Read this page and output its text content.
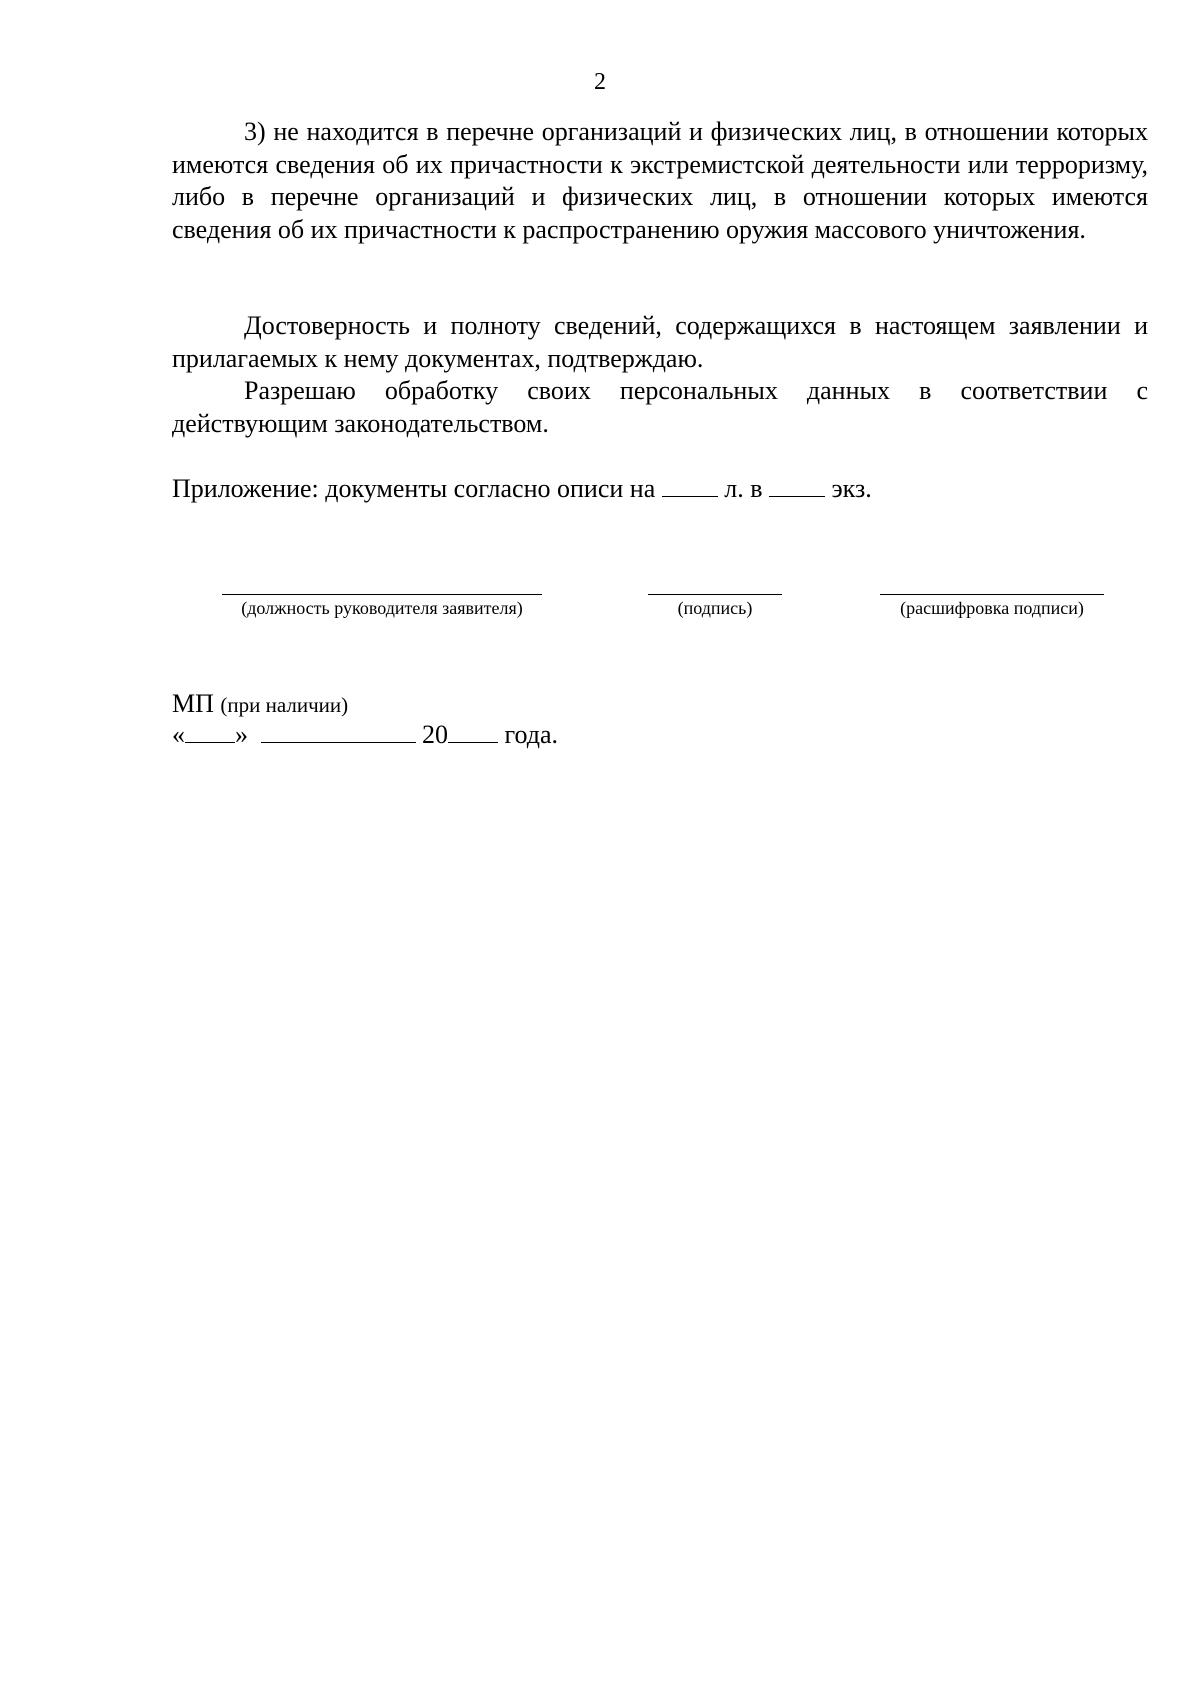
2

3) не находится в перечне организаций и физических лиц, в отношении которых имеются сведения об их причастности к экстремистской деятельности или терроризму, либо в перечне организаций и физических лиц, в отношении которых имеются сведения об их причастности к распространению оружия массового уничтожения.

Достоверность и полноту сведений, содержащихся в настоящем заявлении и прилагаемых к нему документах, подтверждаю.

Разрешаю обработку своих персональных данных в соответствии с действующим законодательством.

Приложение: документы согласно описи на	л. в	экз.
(должность руководителя заявителя)	(подпись)	(расшифровка подписи)
МП (при наличии)
« »	20 года.
